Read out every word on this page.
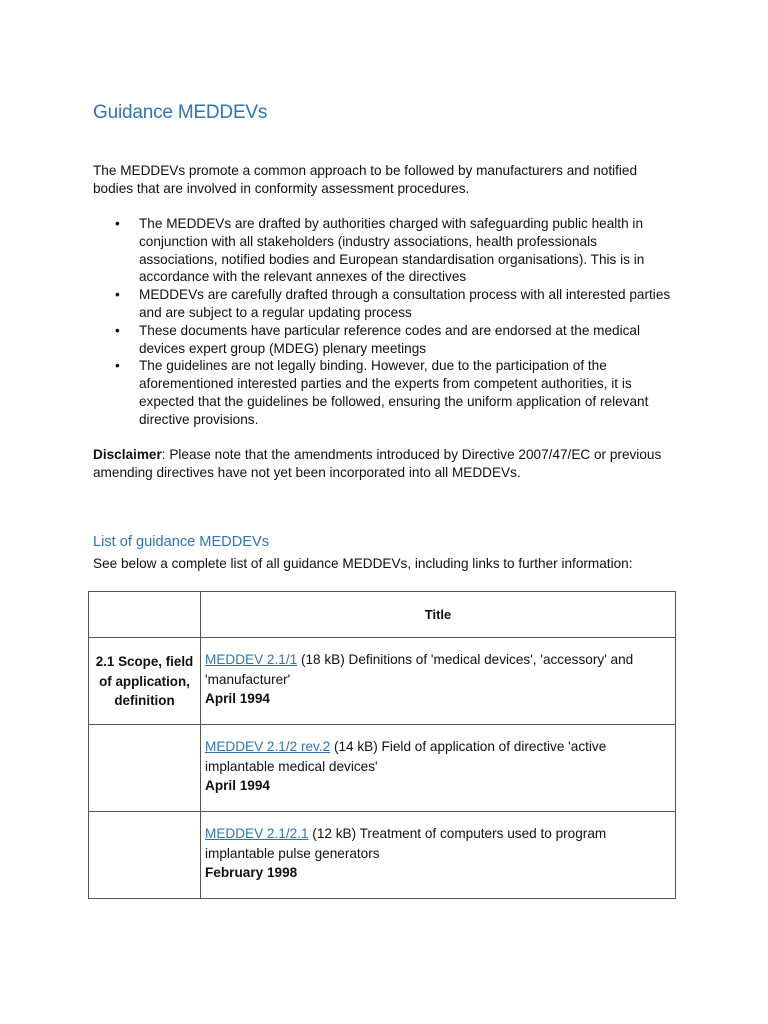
Guidance MEDDEVs

The MEDDEVs promote a common approach to be followed by manufacturers and notified bodies that are involved in conformity assessment procedures.

• The MEDDEVs are drafted by authorities charged with safeguarding public health in conjunction with all stakeholders (industry associations, health professionals associations, notified bodies and European standardisation organisations). This is in accordance with the relevant annexes of the directives
• MEDDEVs are carefully drafted through a consultation process with all interested parties and are subject to a regular updating process
• These documents have particular reference codes and are endorsed at the medical devices expert group (MDEG) plenary meetings
• The guidelines are not legally binding. However, due to the participation of the aforementioned interested parties and the experts from competent authorities, it is expected that the guidelines be followed, ensuring the uniform application of relevant directive provisions.

Disclaimer: Please note that the amendments introduced by Directive 2007/47/EC or previous amending directives have not yet been incorporated into all MEDDEVs.

List of guidance MEDDEVs

See below a complete list of all guidance MEDDEVs, including links to further information:

	Title
2.1 Scope, field of application, definition	MEDDEV 2.1/1 (18 kB) Definitions of 'medical devices', 'accessory' and 'manufacturer'
April 1994
	MEDDEV 2.1/2 rev.2 (14 kB) Field of application of directive 'active implantable medical devices'
April 1994
	MEDDEV 2.1/2.1 (12 kB) Treatment of computers used to program implantable pulse generators
February 1998
